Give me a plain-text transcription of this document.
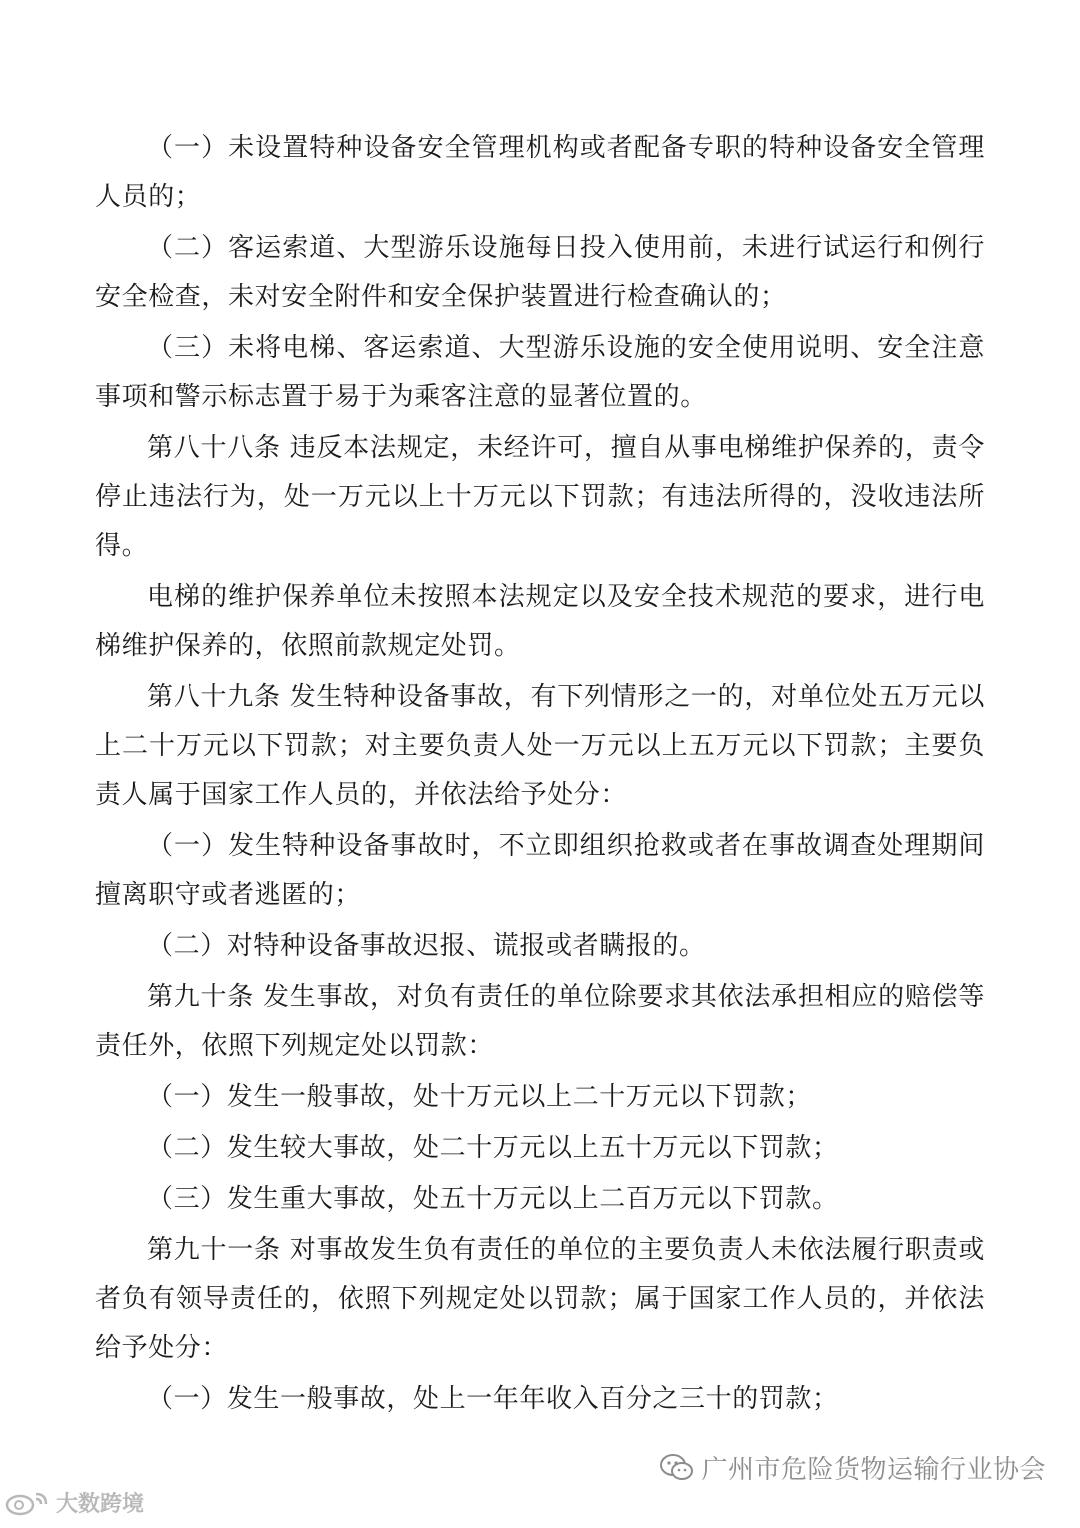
（一）未设置特种设备安全管理机构或者配备专职的特种设备安全管理人员的；

（二）客运索道、大型游乐设施每日投入使用前，未进行试运行和例行安全检查，未对安全附件和安全保护装置进行检查确认的；

（三）未将电梯、客运索道、大型游乐设施的安全使用说明、安全注意事项和警示标志置于易于为乘客注意的显著位置的。

第八十八条 违反本法规定，未经许可，擅自从事电梯维护保养的，责令停止违法行为，处一万元以上十万元以下罚款；有违法所得的，没收违法所得。

电梯的维护保养单位未按照本法规定以及安全技术规范的要求，进行电梯维护保养的，依照前款规定处罚。

第八十九条 发生特种设备事故，有下列情形之一的，对单位处五万元以上二十万元以下罚款；对主要负责人处一万元以上五万元以下罚款；主要负责人属于国家工作人员的，并依法给予处分：

（一）发生特种设备事故时，不立即组织抢救或者在事故调查处理期间擅离职守或者逃匿的；

（二）对特种设备事故迟报、谎报或者瞒报的。

第九十条 发生事故，对负有责任的单位除要求其依法承担相应的赔偿等责任外，依照下列规定处以罚款：

（一）发生一般事故，处十万元以上二十万元以下罚款；

（二）发生较大事故，处二十万元以上五十万元以下罚款；

（三）发生重大事故，处五十万元以上二百万元以下罚款。

第九十一条 对事故发生负有责任的单位的主要负责人未依法履行职责或者负有领导责任的，依照下列规定处以罚款；属于国家工作人员的，并依法给予处分：

（一）发生一般事故，处上一年年收入百分之三十的罚款；

广州市危险货物运输行业协会
大数跨境
